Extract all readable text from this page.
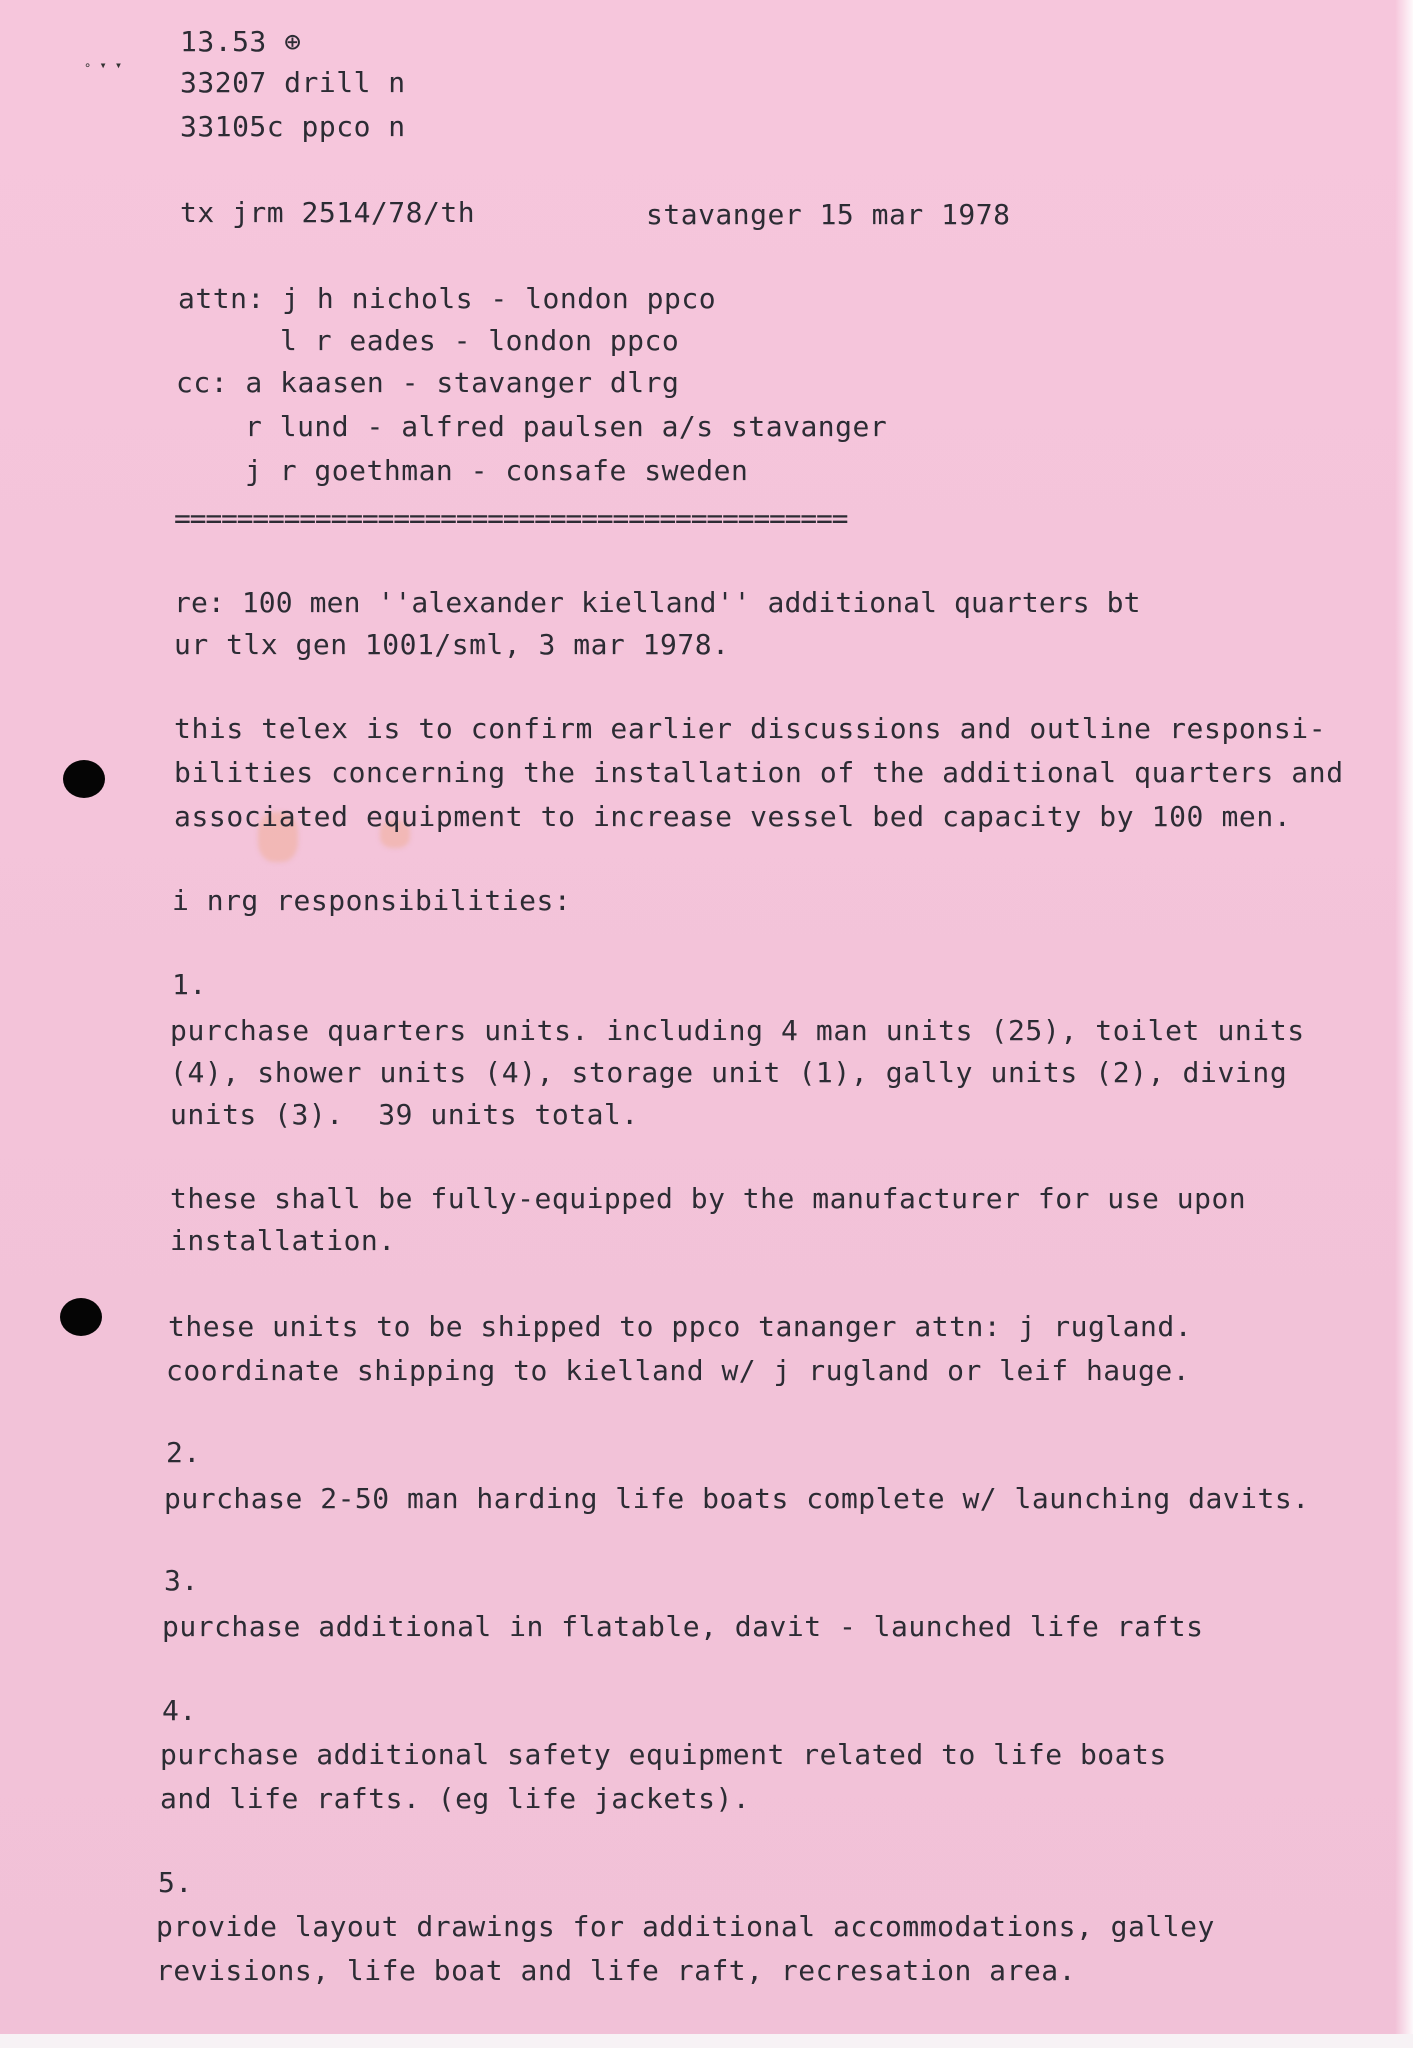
∘ ▾ ▾
13.53 ⊕
33207 drill n
33105c ppco n
tx jrm 2514/78/th	stavanger 15 mar 1978
attn: j h nichols - london ppco
l r eades - london ppco
cc: a kaasen - stavanger dlrg
r lund - alfred paulsen a/s stavanger
j r goethman - consafe sweden
===========================================
re: 100 men ''alexander kielland'' additional quarters bt
ur tlx gen 1001/sml, 3 mar 1978.
this telex is to confirm earlier discussions and outline responsi-
bilities concerning the installation of the additional quarters and
associated equipment to increase vessel bed capacity by 100 men.
i nrg responsibilities:
1.
purchase quarters units. including 4 man units (25), toilet units
(4), shower units (4), storage unit (1), gally units (2), diving
units (3).  39 units total.
these shall be fully-equipped by the manufacturer for use upon
installation.
these units to be shipped to ppco tananger attn: j rugland.
coordinate shipping to kielland w/ j rugland or leif hauge.
2.
purchase 2-50 man harding life boats complete w/ launching davits.
3.
purchase additional in flatable, davit - launched life rafts
4.
purchase additional safety equipment related to life boats
and life rafts. (eg life jackets).
5.
provide layout drawings for additional accommodations, galley
revisions, life boat and life raft, recresation area.
